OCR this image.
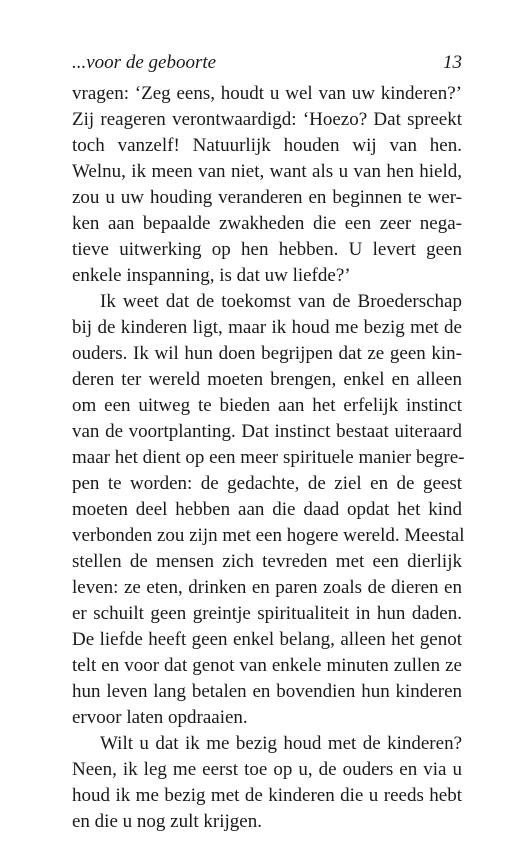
...voor de geboorte	13
vragen: ‘Zeg eens, houdt u wel van uw kinderen?’
Zij reageren verontwaardigd: ‘Hoezo? Dat spreekt
toch vanzelf! Natuurlijk houden wij van hen.
Welnu, ik meen van niet, want als u van hen hield,
zou u uw houding veranderen en beginnen te wer-
ken aan bepaalde zwakheden die een zeer nega-
tieve uitwerking op hen hebben. U levert geen
enkele inspanning, is dat uw liefde?’
Ik weet dat de toekomst van de Broederschap
bij de kinderen ligt, maar ik houd me bezig met de
ouders. Ik wil hun doen begrijpen dat ze geen kin-
deren ter wereld moeten brengen, enkel en alleen
om een uitweg te bieden aan het erfelijk instinct
van de voortplanting. Dat instinct bestaat uiteraard
maar het dient op een meer spirituele manier begre-
pen te worden: de gedachte, de ziel en de geest
moeten deel hebben aan die daad opdat het kind
verbonden zou zijn met een hogere wereld. Meestal
stellen de mensen zich tevreden met een dierlijk
leven: ze eten, drinken en paren zoals de dieren en
er schuilt geen greintje spiritualiteit in hun daden.
De liefde heeft geen enkel belang, alleen het genot
telt en voor dat genot van enkele minuten zullen ze
hun leven lang betalen en bovendien hun kinderen
ervoor laten opdraaien.
Wilt u dat ik me bezig houd met de kinderen?
Neen, ik leg me eerst toe op u, de ouders en via u
houd ik me bezig met de kinderen die u reeds hebt
en die u nog zult krijgen.
